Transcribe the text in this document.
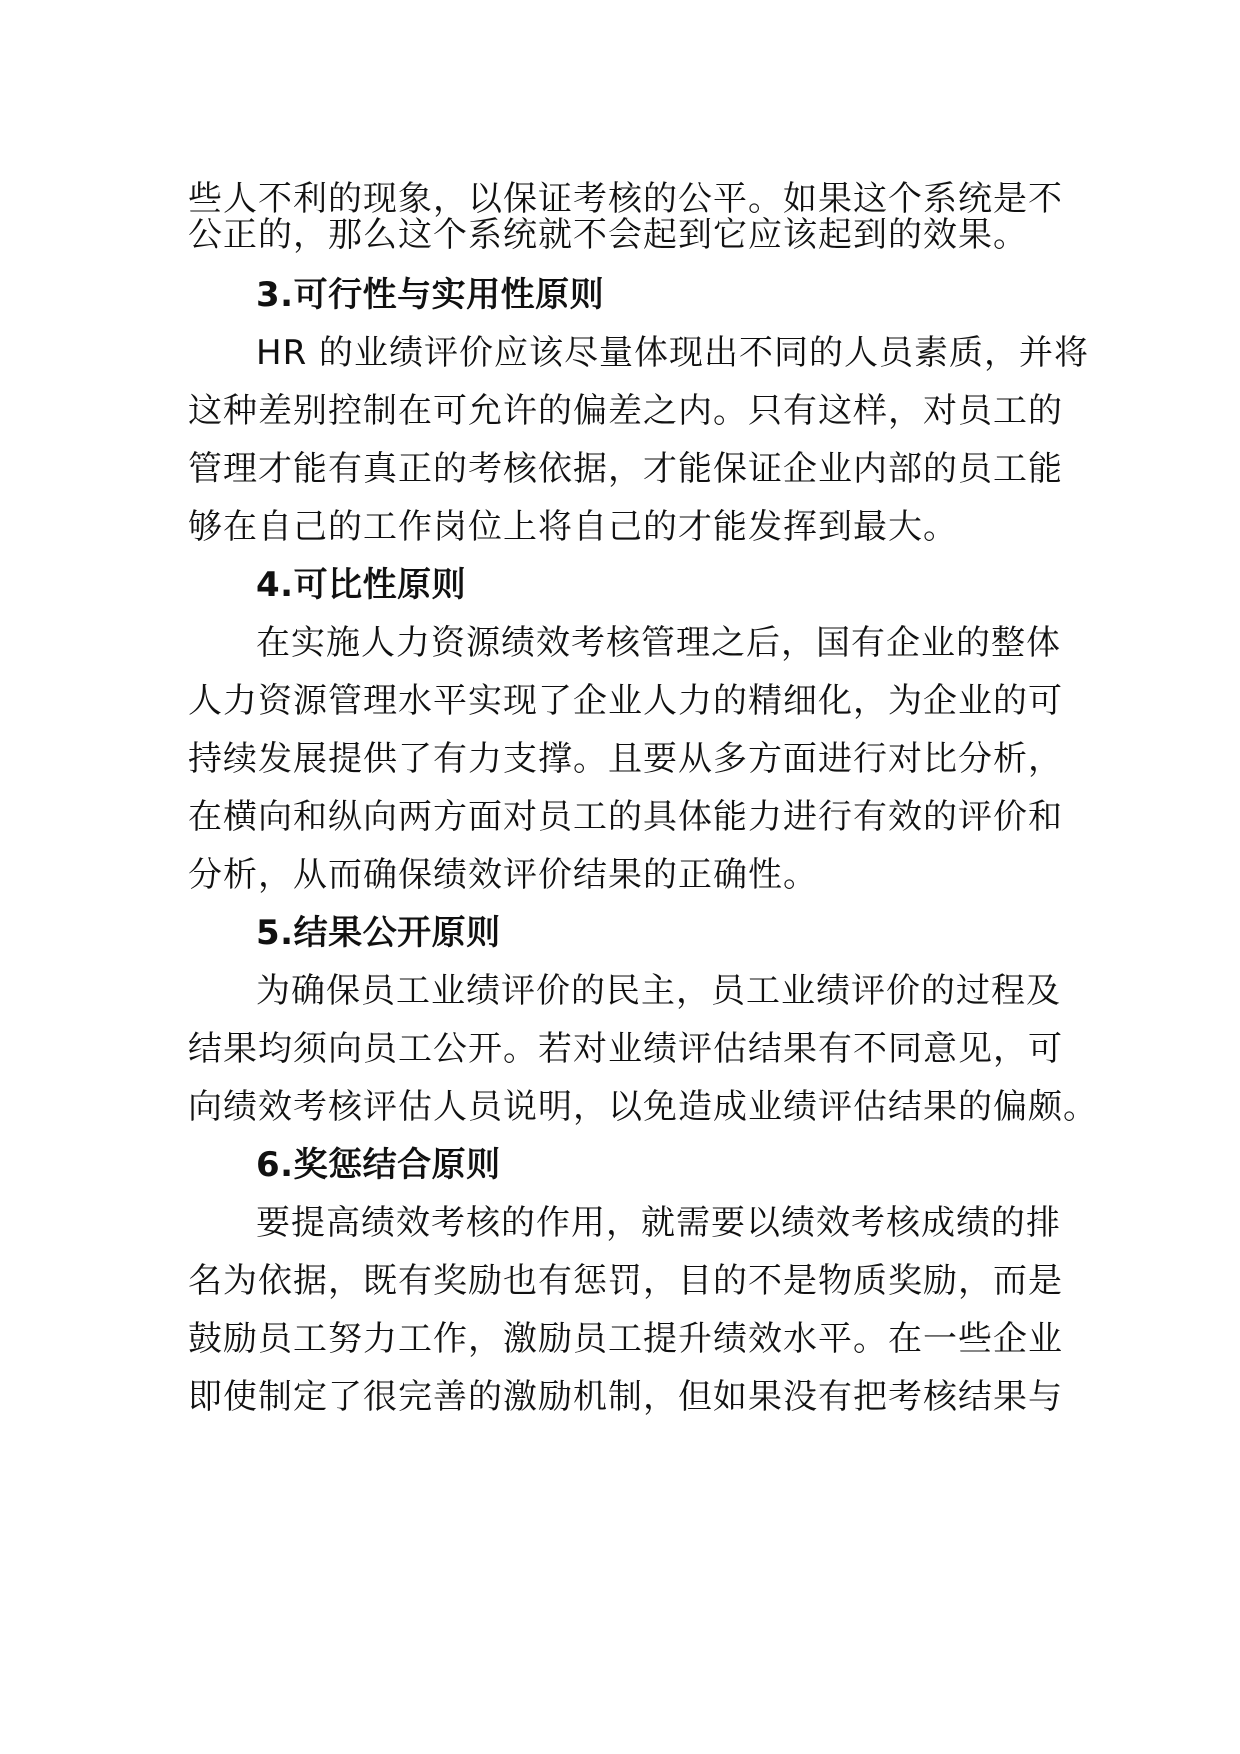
些人不利的现象，以保证考核的公平。如果这个系统是不
公正的，那么这个系统就不会起到它应该起到的效果。
3.可行性与实用性原则
HR 的业绩评价应该尽量体现出不同的人员素质，并将
这种差别控制在可允许的偏差之内。只有这样，对员工的
管理才能有真正的考核依据，才能保证企业内部的员工能
够在自己的工作岗位上将自己的才能发挥到最大。
4.可比性原则
在实施人力资源绩效考核管理之后，国有企业的整体
人力资源管理水平实现了企业人力的精细化，为企业的可
持续发展提供了有力支撑。且要从多方面进行对比分析，
在横向和纵向两方面对员工的具体能力进行有效的评价和
分析，从而确保绩效评价结果的正确性。
5.结果公开原则
为确保员工业绩评价的民主，员工业绩评价的过程及
结果均须向员工公开。若对业绩评估结果有不同意见，可
向绩效考核评估人员说明，以免造成业绩评估结果的偏颇。
6.奖惩结合原则
要提高绩效考核的作用，就需要以绩效考核成绩的排
名为依据，既有奖励也有惩罚，目的不是物质奖励，而是
鼓励员工努力工作，激励员工提升绩效水平。在一些企业
即使制定了很完善的激励机制，但如果没有把考核结果与
